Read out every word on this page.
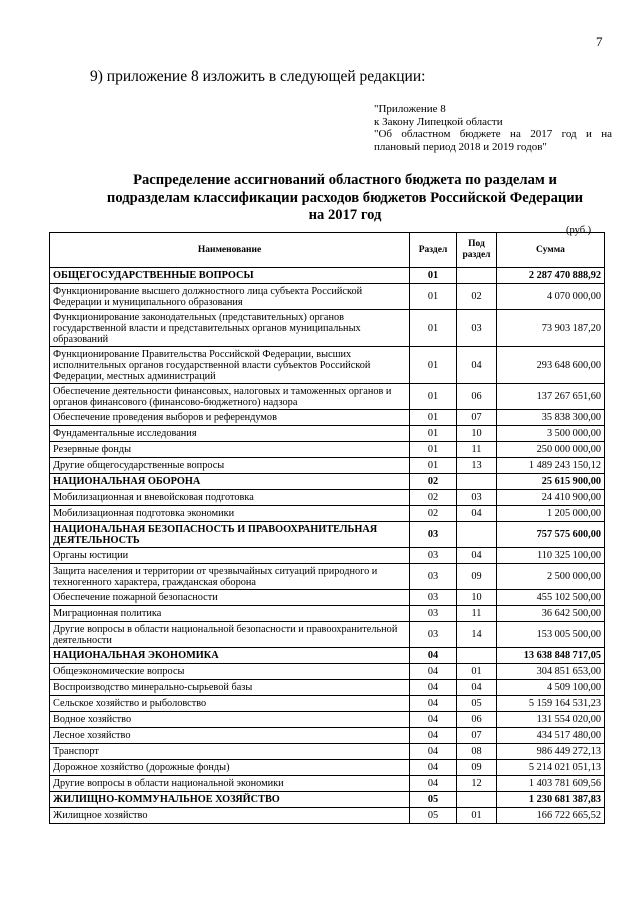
7
9) приложение 8 изложить в следующей редакции:
"Приложение 8
к Закону Липецкой области
"Об областном бюджете на 2017 год и на
плановый период 2018 и 2019 годов"
Распределение ассигнований областного бюджета по разделам и
подразделам классификации расходов бюджетов Российской Федерации
на 2017 год
(руб.)
Наименование	Раздел	Под раздел	Сумма
ОБЩЕГОСУДАРСТВЕННЫЕ ВОПРОСЫ	01		2 287 470 888,92
Функционирование высшего должностного лица субъекта Российской Федерации и муниципального образования	01	02	4 070 000,00
Функционирование законодательных (представительных) органов государственной власти и представительных органов муниципальных образований	01	03	73 903 187,20
Функционирование Правительства Российской Федерации, высших исполнительных органов государственной власти субъектов Российской Федерации, местных администраций	01	04	293 648 600,00
Обеспечение деятельности финансовых, налоговых и таможенных органов и органов финансового (финансово-бюджетного) надзора	01	06	137 267 651,60
Обеспечение проведения выборов и референдумов	01	07	35 838 300,00
Фундаментальные исследования	01	10	3 500 000,00
Резервные фонды	01	11	250 000 000,00
Другие общегосударственные вопросы	01	13	1 489 243 150,12
НАЦИОНАЛЬНАЯ ОБОРОНА	02		25 615 900,00
Мобилизационная и вневойсковая подготовка	02	03	24 410 900,00
Мобилизационная подготовка экономики	02	04	1 205 000,00
НАЦИОНАЛЬНАЯ БЕЗОПАСНОСТЬ И ПРАВООХРАНИТЕЛЬНАЯ ДЕЯТЕЛЬНОСТЬ	03		757 575 600,00
Органы юстиции	03	04	110 325 100,00
Защита населения и территории от чрезвычайных ситуаций природного и техногенного характера, гражданская оборона	03	09	2 500 000,00
Обеспечение пожарной безопасности	03	10	455 102 500,00
Миграционная политика	03	11	36 642 500,00
Другие вопросы в области национальной безопасности и правоохранительной деятельности	03	14	153 005 500,00
НАЦИОНАЛЬНАЯ ЭКОНОМИКА	04		13 638 848 717,05
Общеэкономические вопросы	04	01	304 851 653,00
Воспроизводство минерально-сырьевой базы	04	04	4 509 100,00
Сельское хозяйство и рыболовство	04	05	5 159 164 531,23
Водное хозяйство	04	06	131 554 020,00
Лесное хозяйство	04	07	434 517 480,00
Транспорт	04	08	986 449 272,13
Дорожное хозяйство (дорожные фонды)	04	09	5 214 021 051,13
Другие вопросы в области национальной экономики	04	12	1 403 781 609,56
ЖИЛИЩНО-КОММУНАЛЬНОЕ ХОЗЯЙСТВО	05		1 230 681 387,83
Жилищное хозяйство	05	01	166 722 665,52
